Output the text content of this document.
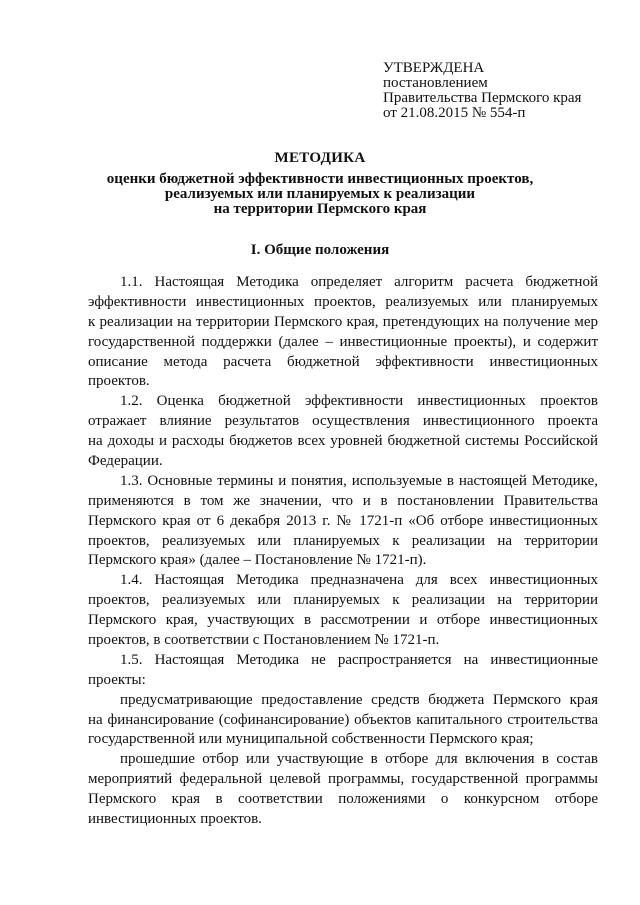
УТВЕРЖДЕНА
постановлением
Правительства Пермского края
от 21.08.2015 № 554-п
МЕТОДИКА
оценки бюджетной эффективности инвестиционных проектов,
реализуемых или планируемых к реализации
на территории Пермского края
I. Общие положения
1.1. Настоящая Методика определяет алгоритм расчета бюджетной
эффективности инвестиционных проектов, реализуемых или планируемых
к реализации на территории Пермского края, претендующих на получение мер
государственной поддержки (далее – инвестиционные проекты), и содержит
описание метода расчета бюджетной эффективности инвестиционных
проектов.
1.2. Оценка бюджетной эффективности инвестиционных проектов
отражает влияние результатов осуществления инвестиционного проекта
на доходы и расходы бюджетов всех уровней бюджетной системы Российской
Федерации.
1.3. Основные термины и понятия, используемые в настоящей Методике,
применяются в том же значении, что и в постановлении Правительства
Пермского края от 6 декабря 2013 г. № 1721-п «Об отборе инвестиционных
проектов, реализуемых или планируемых к реализации на территории
Пермского края» (далее – Постановление № 1721-п).
1.4. Настоящая Методика предназначена для всех инвестиционных
проектов, реализуемых или планируемых к реализации на территории
Пермского края, участвующих в рассмотрении и отборе инвестиционных
проектов, в соответствии с Постановлением № 1721-п.
1.5. Настоящая Методика не распространяется на инвестиционные
проекты:
предусматривающие предоставление средств бюджета Пермского края
на финансирование (софинансирование) объектов капитального строительства
государственной или муниципальной собственности Пермского края;
прошедшие отбор или участвующие в отборе для включения в состав
мероприятий федеральной целевой программы, государственной программы
Пермского края в соответствии положениями о конкурсном отборе
инвестиционных проектов.
